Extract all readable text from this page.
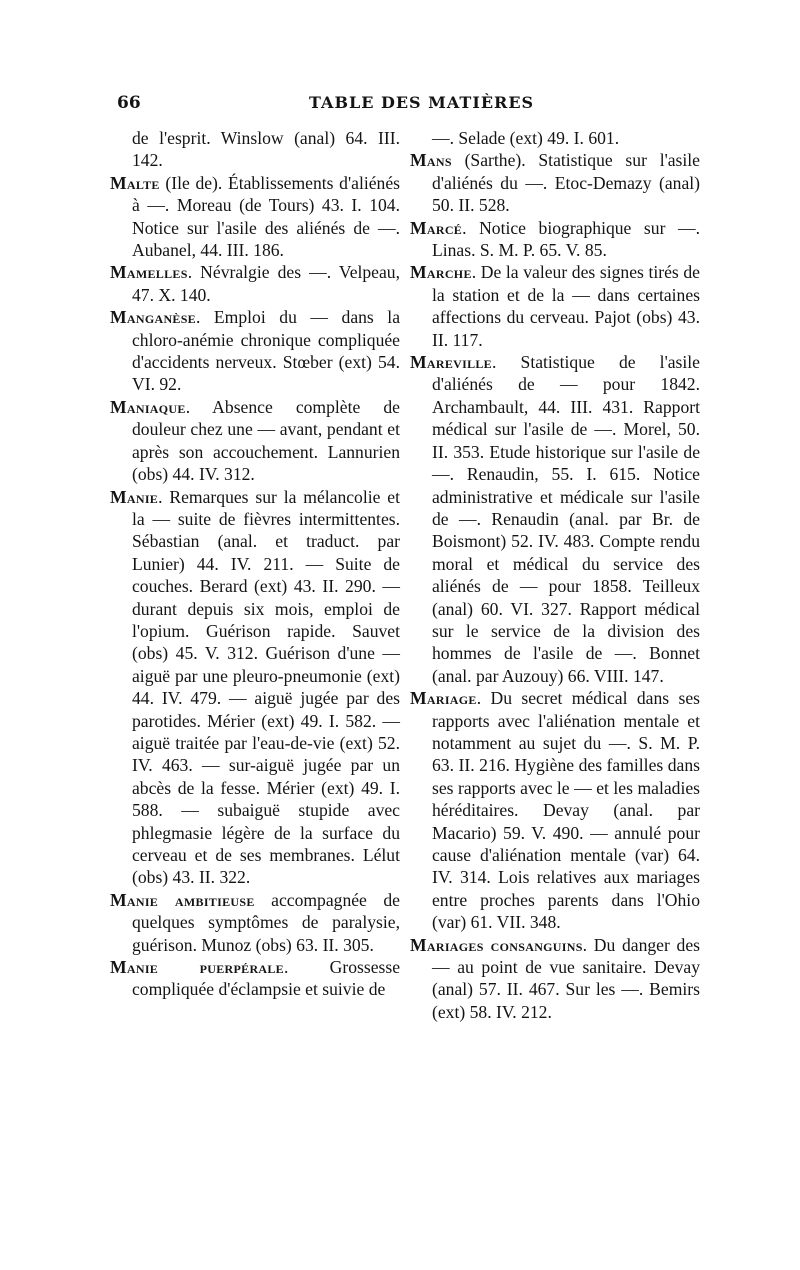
66	TABLE DES MATIÈRES

de l'esprit. Winslow (anal) 64. III. 142.

Malte (Ile de). Établissements d'aliénés à —. Moreau (de Tours) 43. I. 104. Notice sur l'asile des aliénés de —. Aubanel, 44. III. 186.

Mamelles. Névralgie des —. Velpeau, 47. X. 140.

Manganèse. Emploi du — dans la chloro-anémie chronique compliquée d'accidents nerveux. Stœber (ext) 54. VI. 92.

Maniaque. Absence complète de douleur chez une — avant, pendant et après son accouchement. Lannurien (obs) 44. IV. 312.

Manie. Remarques sur la mélancolie et la — suite de fièvres intermittentes. Sébastian (anal. et traduct. par Lunier) 44. IV. 211. — Suite de couches. Berard (ext) 43. II. 290. — durant depuis six mois, emploi de l'opium. Guérison rapide. Sauvet (obs) 45. V. 312. Guérison d'une — aiguë par une pleuro-pneumonie (ext) 44. IV. 479. — aiguë jugée par des parotides. Mérier (ext) 49. I. 582. — aiguë traitée par l'eau-de-vie (ext) 52. IV. 463. — sur-aiguë jugée par un abcès de la fesse. Mérier (ext) 49. I. 588. — subaiguë stupide avec phlegmasie légère de la surface du cerveau et de ses membranes. Lélut (obs) 43. II. 322.

Manie ambitieuse accompagnée de quelques symptômes de paralysie, guérison. Munoz (obs) 63. II. 305.

Manie puerpérale. Grossesse compliquée d'éclampsie et suivie de

—. Selade (ext) 49. I. 601.

Mans (Sarthe). Statistique sur l'asile d'aliénés du —. Etoc-Demazy (anal) 50. II. 528.

Marcé. Notice biographique sur —. Linas. S. M. P. 65. V. 85.

Marche. De la valeur des signes tirés de la station et de la — dans certaines affections du cerveau. Pajot (obs) 43. II. 117.

Mareville. Statistique de l'asile d'aliénés de — pour 1842. Archambault, 44. III. 431. Rapport médical sur l'asile de —. Morel, 50. II. 353. Etude historique sur l'asile de —. Renaudin, 55. I. 615. Notice administrative et médicale sur l'asile de —. Renaudin (anal. par Br. de Boismont) 52. IV. 483. Compte rendu moral et médical du service des aliénés de — pour 1858. Teilleux (anal) 60. VI. 327. Rapport médical sur le service de la division des hommes de l'asile de —. Bonnet (anal. par Auzouy) 66. VIII. 147.

Mariage. Du secret médical dans ses rapports avec l'aliénation mentale et notamment au sujet du —. S. M. P. 63. II. 216. Hygiène des familles dans ses rapports avec le — et les maladies héréditaires. Devay (anal. par Macario) 59. V. 490. — annulé pour cause d'aliénation mentale (var) 64. IV. 314. Lois relatives aux mariages entre proches parents dans l'Ohio (var) 61. VII. 348.

Mariages consanguins. Du danger des — au point de vue sanitaire. Devay (anal) 57. II. 467. Sur les —. Bemirs (ext) 58. IV. 212.
